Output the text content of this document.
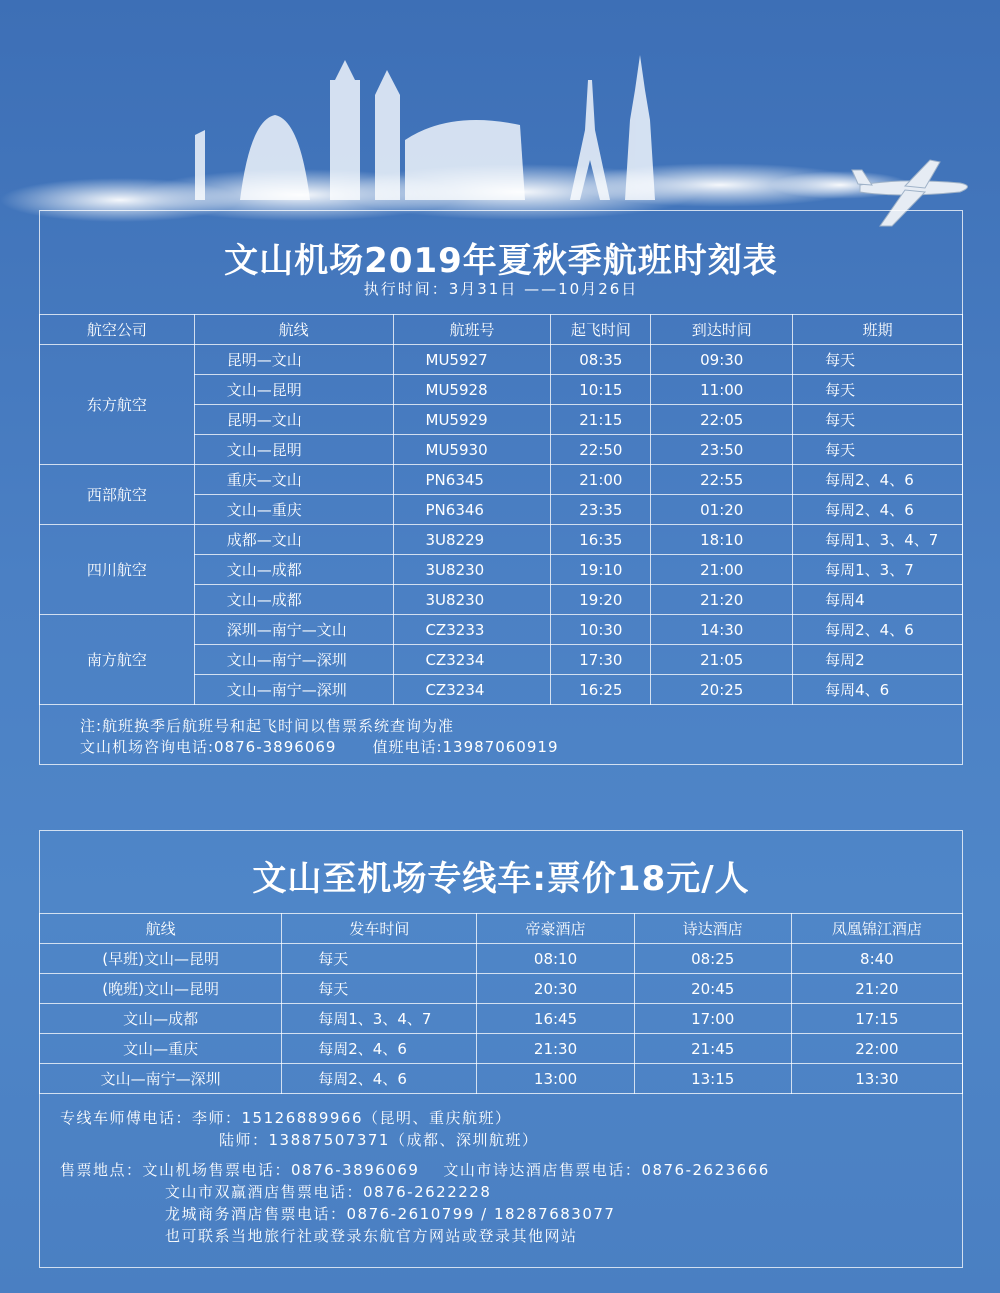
文山机场2019年夏秋季航班时刻表
执行时间：3月31日 ——10月26日
航空公司	航线	航班号	起飞时间	到达时间	班期
东方航空	昆明—文山	MU5927	08:35	09:30	每天
	文山—昆明	MU5928	10:15	11:00	每天
	昆明—文山	MU5929	21:15	22:05	每天
	文山—昆明	MU5930	22:50	23:50	每天
西部航空	重庆—文山	PN6345	21:00	22:55	每周2、4、6
	文山—重庆	PN6346	23:35	01:20	每周2、4、6
四川航空	成都—文山	3U8229	16:35	18:10	每周1、3、4、7
	文山—成都	3U8230	19:10	21:00	每周1、3、7
	文山—成都	3U8230	19:20	21:20	每周4
南方航空	深圳—南宁—文山	CZ3233	10:30	14:30	每周2、4、6
	文山—南宁—深圳	CZ3234	17:30	21:05	每周2
	文山—南宁—深圳	CZ3234	16:25	20:25	每周4、6
注:航班换季后航班号和起飞时间以售票系统查询为准
文山机场咨询电话:0876-3896069 值班电话:13987060919
文山至机场专线车:票价18元/人
航线	发车时间	帝豪酒店	诗达酒店	凤凰锦江酒店
(早班)文山—昆明	每天	08:10	08:25	8:40
(晚班)文山—昆明	每天	20:30	20:45	21:20
文山—成都	每周1、3、4、7	16:45	17:00	17:15
文山—重庆	每周2、4、6	21:30	21:45	22:00
文山—南宁—深圳	每周2、4、6	13:00	13:15	13:30
专线车师傅电话：李师：15126889966（昆明、重庆航班）
陆师：13887507371（成都、深圳航班）
售票地点：文山机场售票电话：0876-3896069 文山市诗达酒店售票电话：0876-2623666
文山市双赢酒店售票电话：0876-2622228
龙城商务酒店售票电话：0876-2610799 / 18287683077
也可联系当地旅行社或登录东航官方网站或登录其他网站
